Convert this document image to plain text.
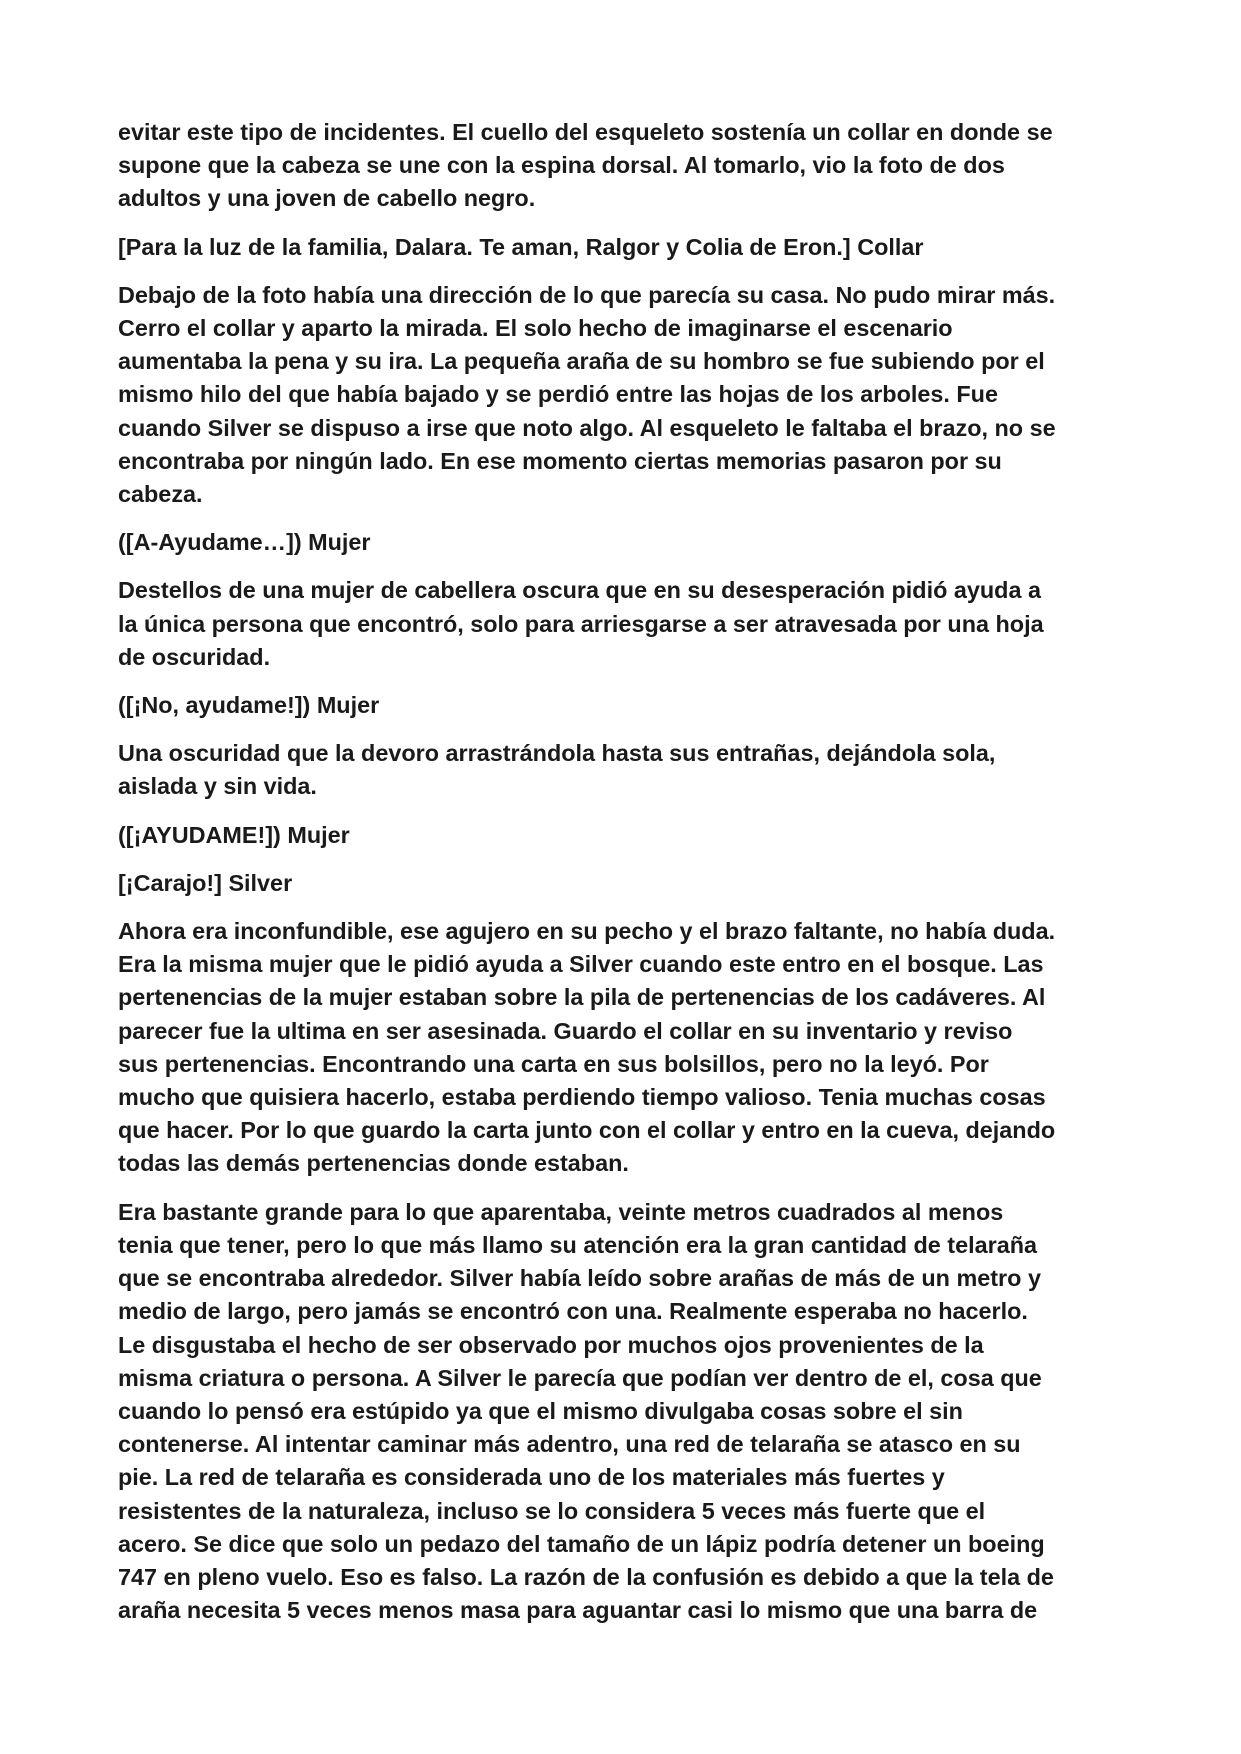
evitar este tipo de incidentes. El cuello del esqueleto sostenía un collar en donde se
supone que la cabeza se une con la espina dorsal. Al tomarlo, vio la foto de dos
adultos y una joven de cabello negro.

[Para la luz de la familia, Dalara. Te aman, Ralgor y Colia de Eron.] Collar

Debajo de la foto había una dirección de lo que parecía su casa. No pudo mirar más.
Cerro el collar y aparto la mirada. El solo hecho de imaginarse el escenario
aumentaba la pena y su ira. La pequeña araña de su hombro se fue subiendo por el
mismo hilo del que había bajado y se perdió entre las hojas de los arboles. Fue
cuando Silver se dispuso a irse que noto algo. Al esqueleto le faltaba el brazo, no se
encontraba por ningún lado. En ese momento ciertas memorias pasaron por su
cabeza.

([A-Ayudame…]) Mujer

Destellos de una mujer de cabellera oscura que en su desesperación pidió ayuda a
la única persona que encontró, solo para arriesgarse a ser atravesada por una hoja
de oscuridad.

([¡No, ayudame!]) Mujer

Una oscuridad que la devoro arrastrándola hasta sus entrañas, dejándola sola,
aislada y sin vida.

([¡AYUDAME!]) Mujer

[¡Carajo!] Silver

Ahora era inconfundible, ese agujero en su pecho y el brazo faltante, no había duda.
Era la misma mujer que le pidió ayuda a Silver cuando este entro en el bosque. Las
pertenencias de la mujer estaban sobre la pila de pertenencias de los cadáveres. Al
parecer fue la ultima en ser asesinada. Guardo el collar en su inventario y reviso
sus pertenencias. Encontrando una carta en sus bolsillos, pero no la leyó. Por
mucho que quisiera hacerlo, estaba perdiendo tiempo valioso. Tenia muchas cosas
que hacer. Por lo que guardo la carta junto con el collar y entro en la cueva, dejando
todas las demás pertenencias donde estaban.

Era bastante grande para lo que aparentaba, veinte metros cuadrados al menos
tenia que tener, pero lo que más llamo su atención era la gran cantidad de telaraña
que se encontraba alrededor. Silver había leído sobre arañas de más de un metro y
medio de largo, pero jamás se encontró con una. Realmente esperaba no hacerlo.
Le disgustaba el hecho de ser observado por muchos ojos provenientes de la
misma criatura o persona. A Silver le parecía que podían ver dentro de el, cosa que
cuando lo pensó era estúpido ya que el mismo divulgaba cosas sobre el sin
contenerse. Al intentar caminar más adentro, una red de telaraña se atasco en su
pie. La red de telaraña es considerada uno de los materiales más fuertes y
resistentes de la naturaleza, incluso se lo considera 5 veces más fuerte que el
acero. Se dice que solo un pedazo del tamaño de un lápiz podría detener un boeing
747 en pleno vuelo. Eso es falso. La razón de la confusión es debido a que la tela de
araña necesita 5 veces menos masa para aguantar casi lo mismo que una barra de
